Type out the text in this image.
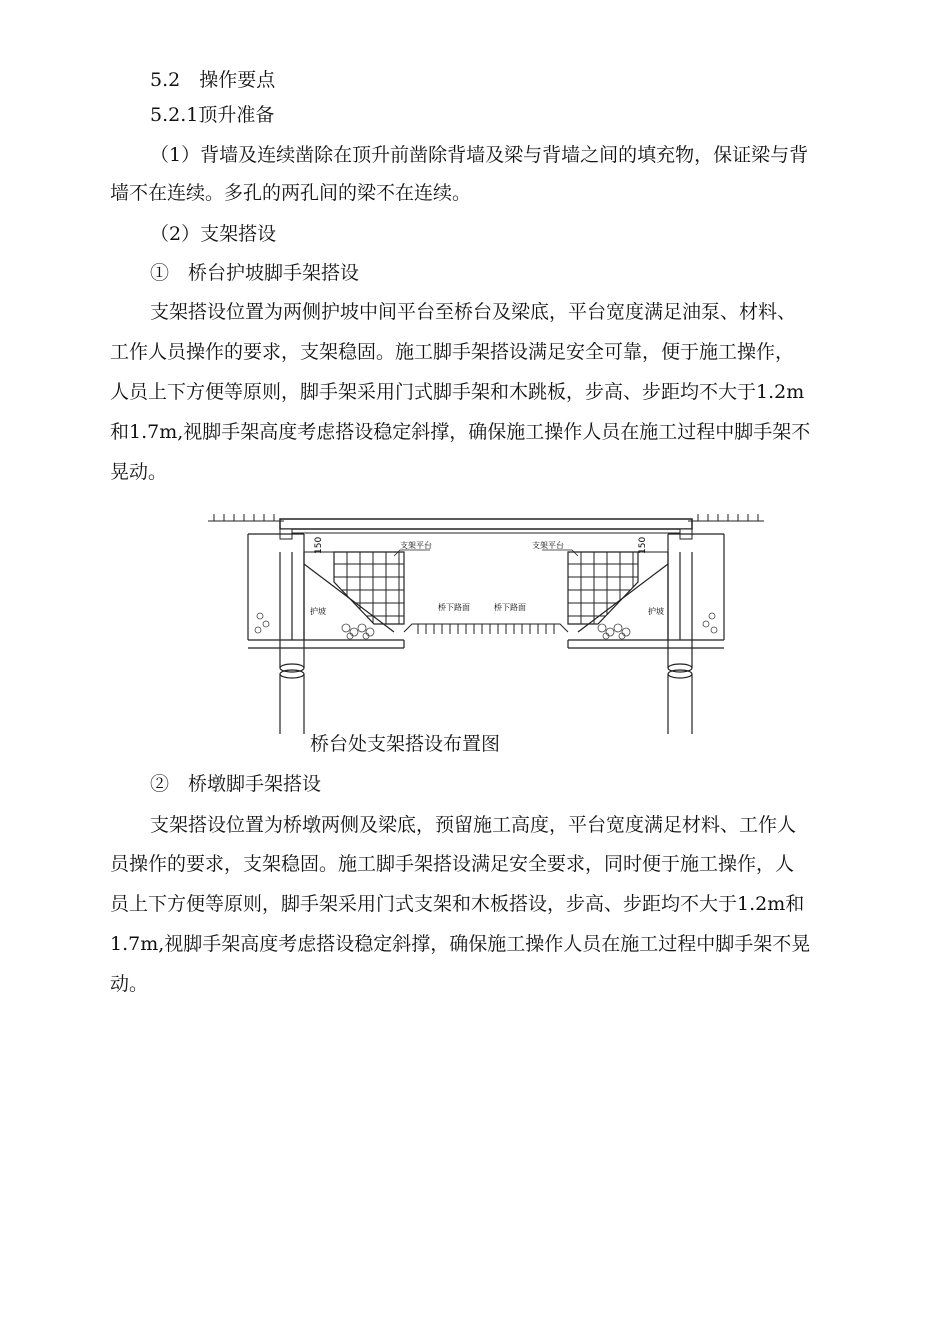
5.2　操作要点
5.2.1顶升准备
（1）背墙及连续凿除在顶升前凿除背墙及梁与背墙之间的填充物，保证梁与背
墙不在连续。多孔的两孔间的梁不在连续。
（2）支架搭设
①　桥台护坡脚手架搭设
支架搭设位置为两侧护坡中间平台至桥台及梁底，平台宽度满足油泵、材料、
工作人员操作的要求，支架稳固。施工脚手架搭设满足安全可靠，便于施工操作，
人员上下方便等原则，脚手架采用门式脚手架和木跳板，步高、步距均不大于1.2m
和1.7m,视脚手架高度考虑搭设稳定斜撑，确保施工操作人员在施工过程中脚手架不
晃动。
支架平台	支架平台
150	150
护坡	护坡
桥下路面	桥下路面
桥台处支架搭设布置图
②　桥墩脚手架搭设
支架搭设位置为桥墩两侧及梁底，预留施工高度，平台宽度满足材料、工作人
员操作的要求，支架稳固。施工脚手架搭设满足安全要求，同时便于施工操作，人
员上下方便等原则，脚手架采用门式支架和木板搭设，步高、步距均不大于1.2m和
1.7m,视脚手架高度考虑搭设稳定斜撑，确保施工操作人员在施工过程中脚手架不晃
动。
